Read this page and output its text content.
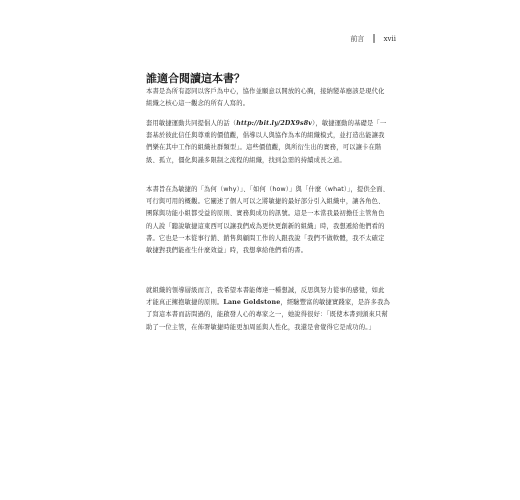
前言 | xvii
誰適合閱讀這本書？

本書是為所有認同以客戶為中心，協作並願意以開放的心胸，接納變革應該是現代化組織之核心這一觀念的所有人寫的。

套用敏捷運動共同提倡人的話（http://bit.ly/2DX9s8v），敏捷運動的基礎是「一套基於彼此信任與尊重的價值觀，倡導以人與協作為本的組織模式，並打造出能讓我們樂在其中工作的組織社群類型」。這些價值觀，與所衍生出的實務，可以讓卡在階級、孤立，僵化與謹多限制之流程的組織，找到急需的持續成長之道。

本書旨在為敏捷的「為何（why）」、「如何（how）」與「什麼（what）」，提供全面、可行與可用的概觀。它闡述了個人可以之將敏捷的最好部分引入組織中，讓各角色、團隊與功能小組都受益的原則、實務與成功的訊號。這是一本當我最初擔任主管角色的人說「聽說敏捷這東西可以讓我們成為更快更創新的組織」時，我想遞給他們看的書。它也是一本從事行銷、銷售與顧問工作的人跟我說「我們不做軟體，我不太確定敏捷對我們能產生什麼效益」時，我想拿給他們看的書。

就組織的領導層級而言，我希望本書能傳達一種想誠，反思與努力從事的感覺，如此才能真正擁抱敏捷的原則。Lane Goldstone，經驗豐富的敏捷實踐家，是許多我為了寫這本書而訪問過的，能啟發人心的專家之一，她說得很好：「既使本書到頭來只幫助了一位主管，在佈署敏捷時能更加周延與人性化，我還是會覺得它是成功的。」
